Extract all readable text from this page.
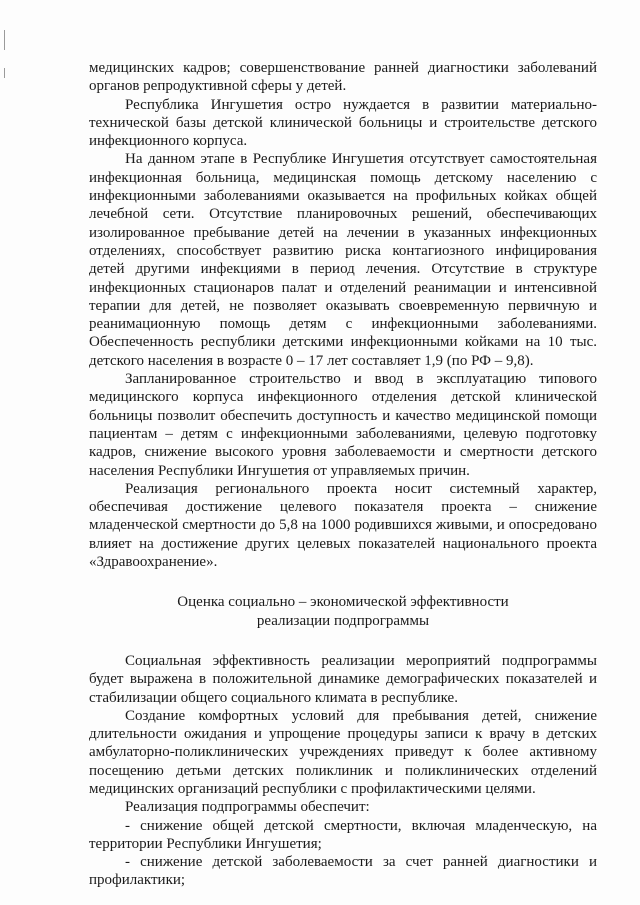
медицинских кадров; совершенствование ранней диагностики заболеваний органов репродуктивной сферы у детей.

Республика Ингушетия остро нуждается в развитии материально-технической базы детской клинической больницы и строительстве детского инфекционного корпуса.

На данном этапе в Республике Ингушетия отсутствует самостоятельная инфекционная больница, медицинская помощь детскому населению с инфекционными заболеваниями оказывается на профильных койках общей лечебной сети. Отсутствие планировочных решений, обеспечивающих изолированное пребывание детей на лечении в указанных инфекционных отделениях, способствует развитию риска контагиозного инфицирования детей другими инфекциями в период лечения. Отсутствие в структуре инфекционных стационаров палат и отделений реанимации и интенсивной терапии для детей, не позволяет оказывать своевременную первичную и реанимационную помощь детям с инфекционными заболеваниями. Обеспеченность республики детскими инфекционными койками на 10 тыс. детского населения в возрасте 0 – 17 лет составляет 1,9 (по РФ – 9,8).

Запланированное строительство и ввод в эксплуатацию типового медицинского корпуса инфекционного отделения детской клинической больницы позволит обеспечить доступность и качество медицинской помощи пациентам – детям с инфекционными заболеваниями, целевую подготовку кадров, снижение высокого уровня заболеваемости и смертности детского населения Республики Ингушетия от управляемых причин.

Реализация регионального проекта носит системный характер, обеспечивая достижение целевого показателя проекта – снижение младенческой смертности до 5,8 на 1000 родившихся живыми, и опосредовано влияет на достижение других целевых показателей национального проекта «Здравоохранение».

Оценка социально – экономической эффективности
реализации подпрограммы

Социальная эффективность реализации мероприятий подпрограммы будет выражена в положительной динамике демографических показателей и стабилизации общего социального климата в республике.

Создание комфортных условий для пребывания детей, снижение длительности ожидания и упрощение процедуры записи к врачу в детских амбулаторно-поликлинических учреждениях приведут к более активному посещению детьми детских поликлиник и поликлинических отделений медицинских организаций республики с профилактическими целями.

Реализация подпрограммы обеспечит:

- снижение общей детской смертности, включая младенческую, на территории Республики Ингушетия;

- снижение детской заболеваемости за счет ранней диагностики и профилактики;
